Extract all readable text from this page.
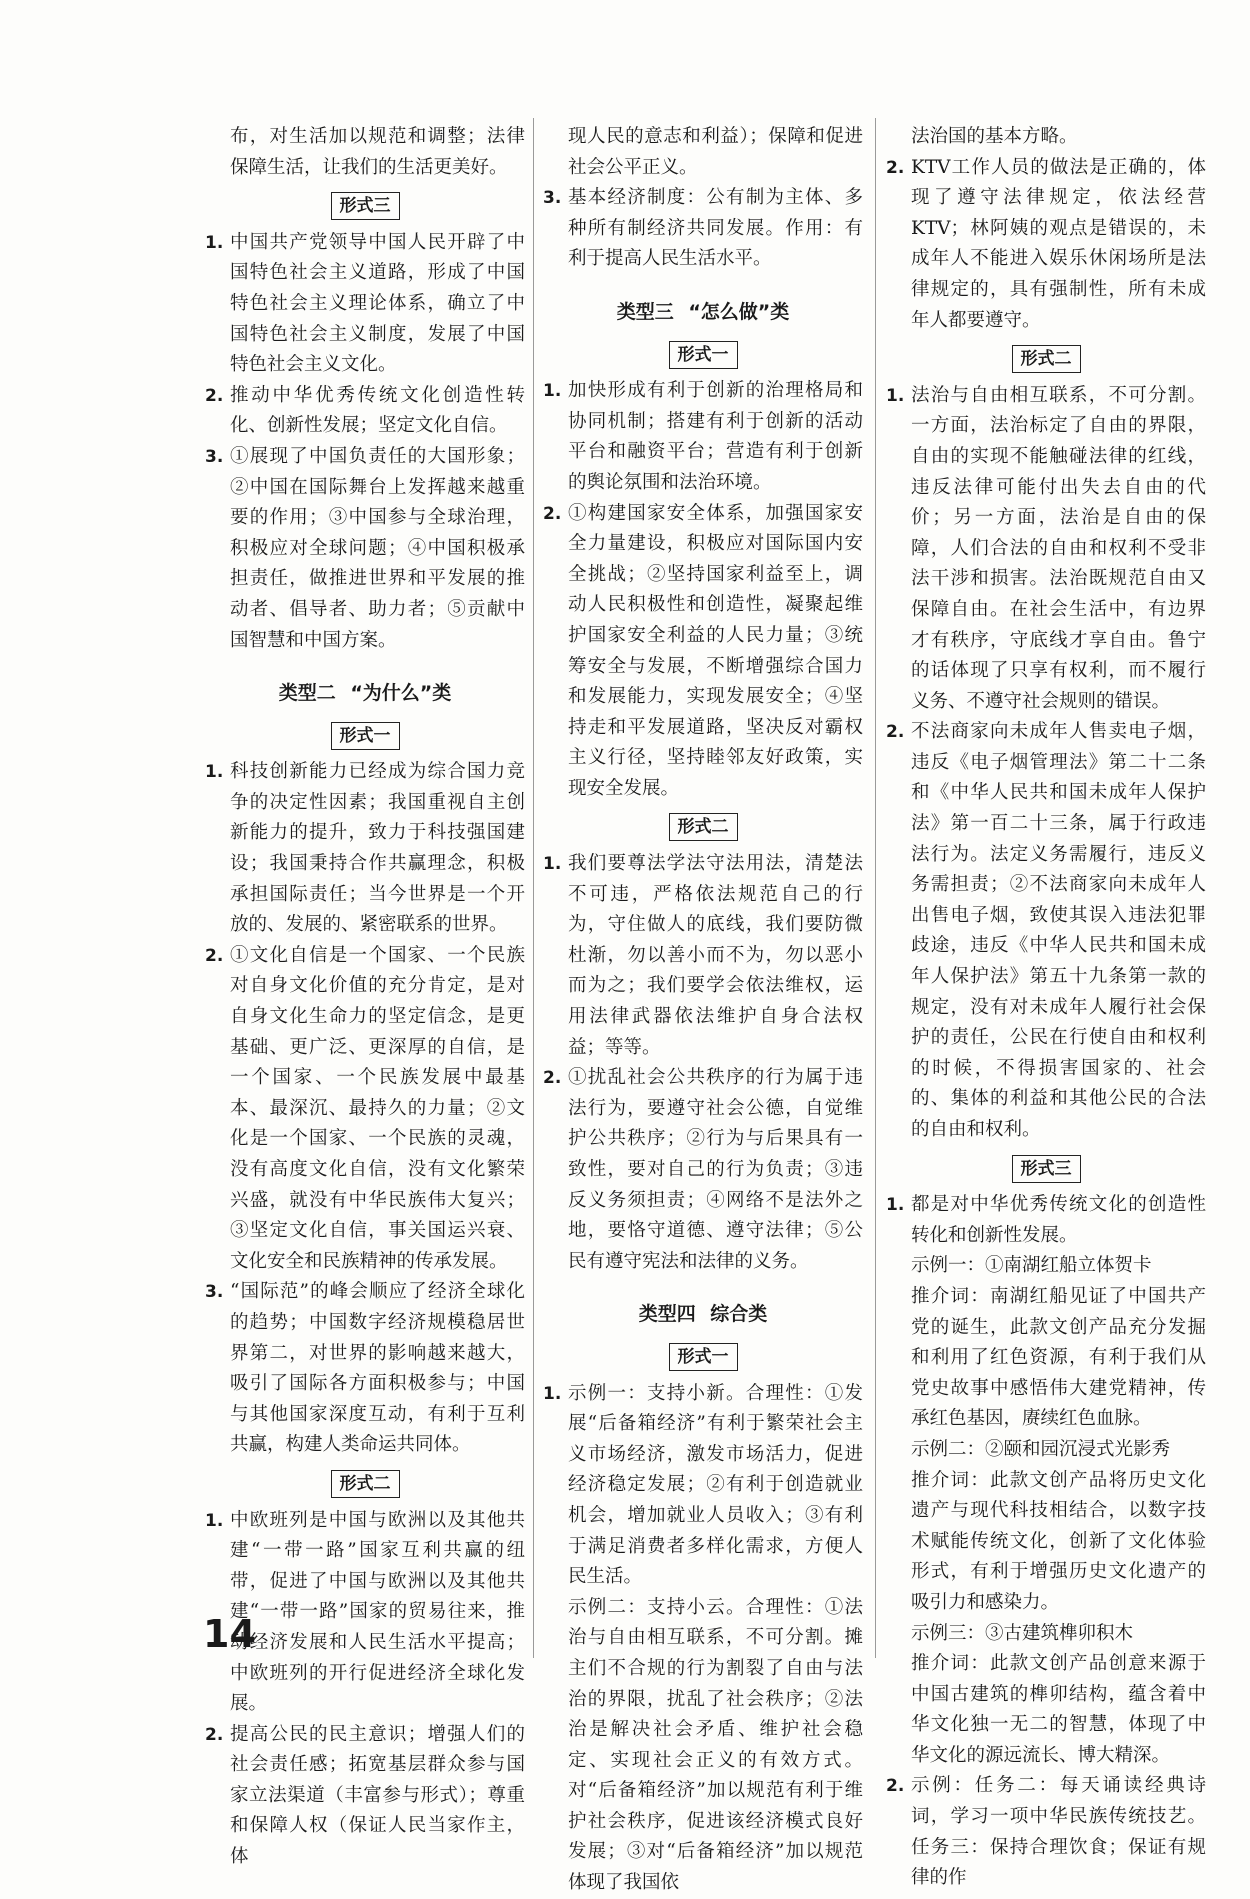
布，对生活加以规范和调整；法律保障生活，让我们的生活更美好。

形式三

1. 中国共产党领导中国人民开辟了中国特色社会主义道路，形成了中国特色社会主义理论体系，确立了中国特色社会主义制度，发展了中国特色社会主义文化。

2. 推动中华优秀传统文化创造性转化、创新性发展；坚定文化自信。

3. ①展现了中国负责任的大国形象；②中国在国际舞台上发挥越来越重要的作用；③中国参与全球治理，积极应对全球问题；④中国积极承担责任，做推进世界和平发展的推动者、倡导者、助力者；⑤贡献中国智慧和中国方案。

类型二 “为什么”类
形式一

1. 科技创新能力已经成为综合国力竞争的决定性因素；我国重视自主创新能力的提升，致力于科技强国建设；我国秉持合作共赢理念，积极承担国际责任；当今世界是一个开放的、发展的、紧密联系的世界。

2. ①文化自信是一个国家、一个民族对自身文化价值的充分肯定，是对自身文化生命力的坚定信念，是更基础、更广泛、更深厚的自信，是一个国家、一个民族发展中最基本、最深沉、最持久的力量；②文化是一个国家、一个民族的灵魂，没有高度文化自信，没有文化繁荣兴盛，就没有中华民族伟大复兴；③坚定文化自信，事关国运兴衰、文化安全和民族精神的传承发展。

3. “国际范”的峰会顺应了经济全球化的趋势；中国数字经济规模稳居世界第二，对世界的影响越来越大，吸引了国际各方面积极参与；中国与其他国家深度互动，有利于互利共赢，构建人类命运共同体。

形式二

1. 中欧班列是中国与欧洲以及其他共建“一带一路”国家互利共赢的纽带，促进了中国与欧洲以及其他共建“一带一路”国家的贸易往来，推动经济发展和人民生活水平提高；中欧班列的开行促进经济全球化发展。

2. 提高公民的民主意识；增强人们的社会责任感；拓宽基层群众参与国家立法渠道（丰富参与形式）；尊重和保障人权（保证人民当家作主，体

现人民的意志和利益）；保障和促进社会公平正义。

3. 基本经济制度：公有制为主体、多种所有制经济共同发展。作用：有利于提高人民生活水平。

类型三 “怎么做”类
形式一

1. 加快形成有利于创新的治理格局和协同机制；搭建有利于创新的活动平台和融资平台；营造有利于创新的舆论氛围和法治环境。

2. ①构建国家安全体系，加强国家安全力量建设，积极应对国际国内安全挑战；②坚持国家利益至上，调动人民积极性和创造性，凝聚起维护国家安全利益的人民力量；③统筹安全与发展，不断增强综合国力和发展能力，实现发展安全；④坚持走和平发展道路，坚决反对霸权主义行径，坚持睦邻友好政策，实现安全发展。

形式二

1. 我们要尊法学法守法用法，清楚法不可违，严格依法规范自己的行为，守住做人的底线，我们要防微杜渐，勿以善小而不为，勿以恶小而为之；我们要学会依法维权，运用法律武器依法维护自身合法权益；等等。

2. ①扰乱社会公共秩序的行为属于违法行为，要遵守社会公德，自觉维护公共秩序；②行为与后果具有一致性，要对自己的行为负责；③违反义务须担责；④网络不是法外之地，要恪守道德、遵守法律；⑤公民有遵守宪法和法律的义务。

类型四 综合类
形式一

1. 示例一：支持小新。合理性：①发展“后备箱经济”有利于繁荣社会主义市场经济，激发市场活力，促进经济稳定发展；②有利于创造就业机会，增加就业人员收入；③有利于满足消费者多样化需求，方便人民生活。

示例二：支持小云。合理性：①法治与自由相互联系，不可分割。摊主们不合规的行为割裂了自由与法治的界限，扰乱了社会秩序；②法治是解决社会矛盾、维护社会稳定、实现社会正义的有效方式。对“后备箱经济”加以规范有利于维护社会秩序，促进该经济模式良好发展；③对“后备箱经济”加以规范体现了我国依

法治国的基本方略。

2. KTV工作人员的做法是正确的，体现了遵守法律规定，依法经营KTV；林阿姨的观点是错误的，未成年人不能进入娱乐休闲场所是法律规定的，具有强制性，所有未成年人都要遵守。

形式二

1. 法治与自由相互联系，不可分割。一方面，法治标定了自由的界限，自由的实现不能触碰法律的红线，违反法律可能付出失去自由的代价；另一方面，法治是自由的保障，人们合法的自由和权利不受非法干涉和损害。法治既规范自由又保障自由。在社会生活中，有边界才有秩序，守底线才享自由。鲁宁的话体现了只享有权利，而不履行义务、不遵守社会规则的错误。

2. 不法商家向未成年人售卖电子烟，违反《电子烟管理法》第二十二条和《中华人民共和国未成年人保护法》第一百二十三条，属于行政违法行为。法定义务需履行，违反义务需担责；②不法商家向未成年人出售电子烟，致使其误入违法犯罪歧途，违反《中华人民共和国未成年人保护法》第五十九条第一款的规定，没有对未成年人履行社会保护的责任，公民在行使自由和权利的时候，不得损害国家的、社会的、集体的利益和其他公民的合法的自由和权利。

形式三

1. 都是对中华优秀传统文化的创造性转化和创新性发展。

示例一：①南湖红船立体贺卡

推介词：南湖红船见证了中国共产党的诞生，此款文创产品充分发掘和利用了红色资源，有利于我们从党史故事中感悟伟大建党精神，传承红色基因，赓续红色血脉。

示例二：②颐和园沉浸式光影秀

推介词：此款文创产品将历史文化遗产与现代科技相结合，以数字技术赋能传统文化，创新了文化体验形式，有利于增强历史文化遗产的吸引力和感染力。

示例三：③古建筑榫卯积木

推介词：此款文创产品创意来源于中国古建筑的榫卯结构，蕴含着中华文化独一无二的智慧，体现了中华文化的源远流长、博大精深。

2. 示例：任务二：每天诵读经典诗词，学习一项中华民族传统技艺。任务三：保持合理饮食；保证有规律的作

14
